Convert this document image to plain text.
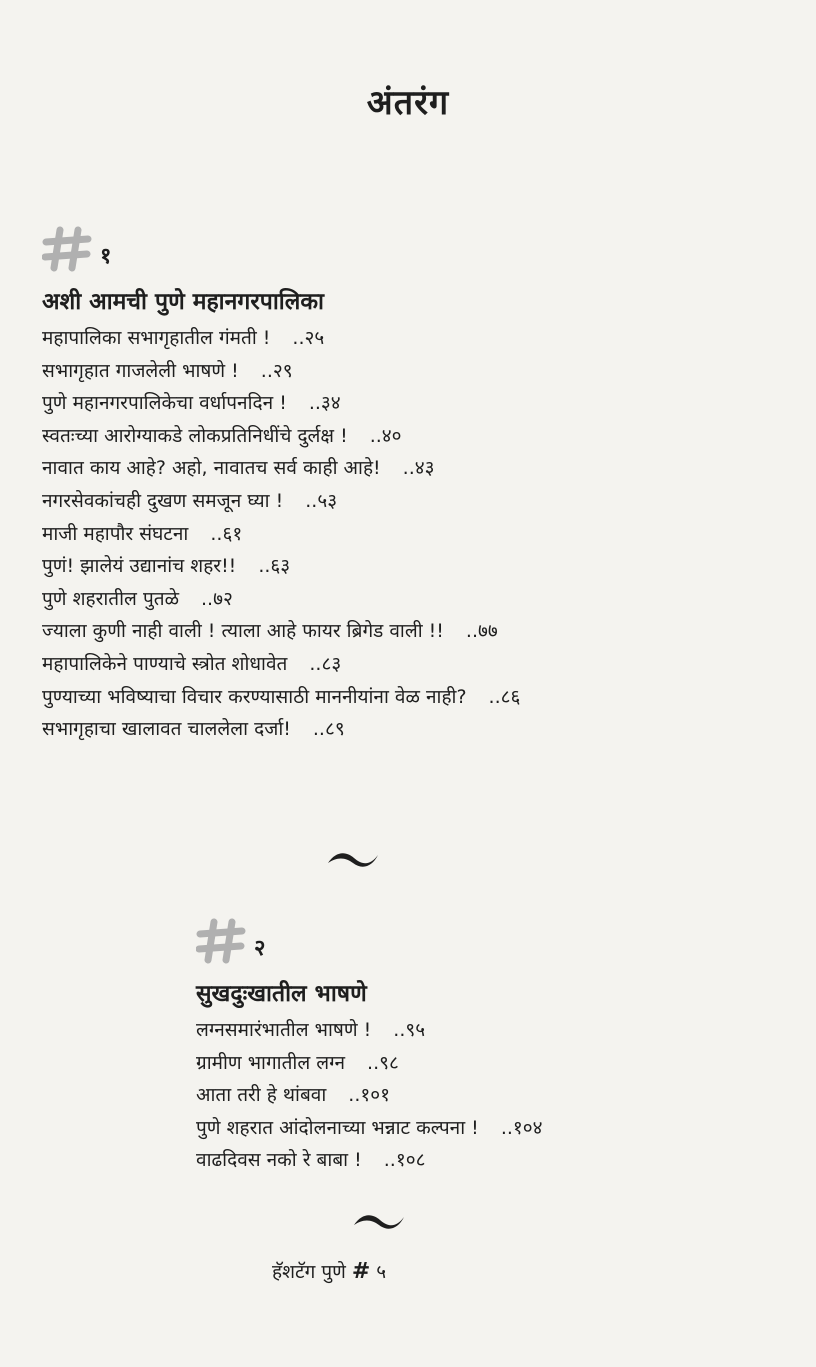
अंतरंग
१
अशी आमची पुणे महानगरपालिका
महापालिका सभागृहातील गंमती ! ..२५
सभागृहात गाजलेली भाषणे ! ..२९
पुणे महानगरपालिकेचा वर्धापनदिन ! ..३४
स्वतःच्या आरोग्याकडे लोकप्रतिनिधींचे दुर्लक्ष ! ..४०
नावात काय आहे? अहो, नावातच सर्व काही आहे! ..४३
नगरसेवकांचही दुखण समजून घ्या ! ..५३
माजी महापौर संघटना ..६१
पुणं! झालेयं उद्यानांच शहर!! ..६३
पुणे शहरातील पुतळे ..७२
ज्याला कुणी नाही वाली ! त्याला आहे फायर ब्रिगेड वाली !! ..७७
महापालिकेने पाण्याचे स्त्रोत शोधावेत ..८३
पुण्याच्या भविष्याचा विचार करण्यासाठी माननीयांना वेळ नाही? ..८६
सभागृहाचा खालावत चाललेला दर्जा! ..८९
२
सुखदुःखातील भाषणे
लग्नसमारंभातील भाषणे ! ..९५
ग्रामीण भागातील लग्न ..९८
आता तरी हे थांबवा ..१०१
पुणे शहरात आंदोलनाच्या भन्नाट कल्पना ! ..१०४
वाढदिवस नको रे बाबा ! ..१०८
हॅशटॅग पुणे # ५
